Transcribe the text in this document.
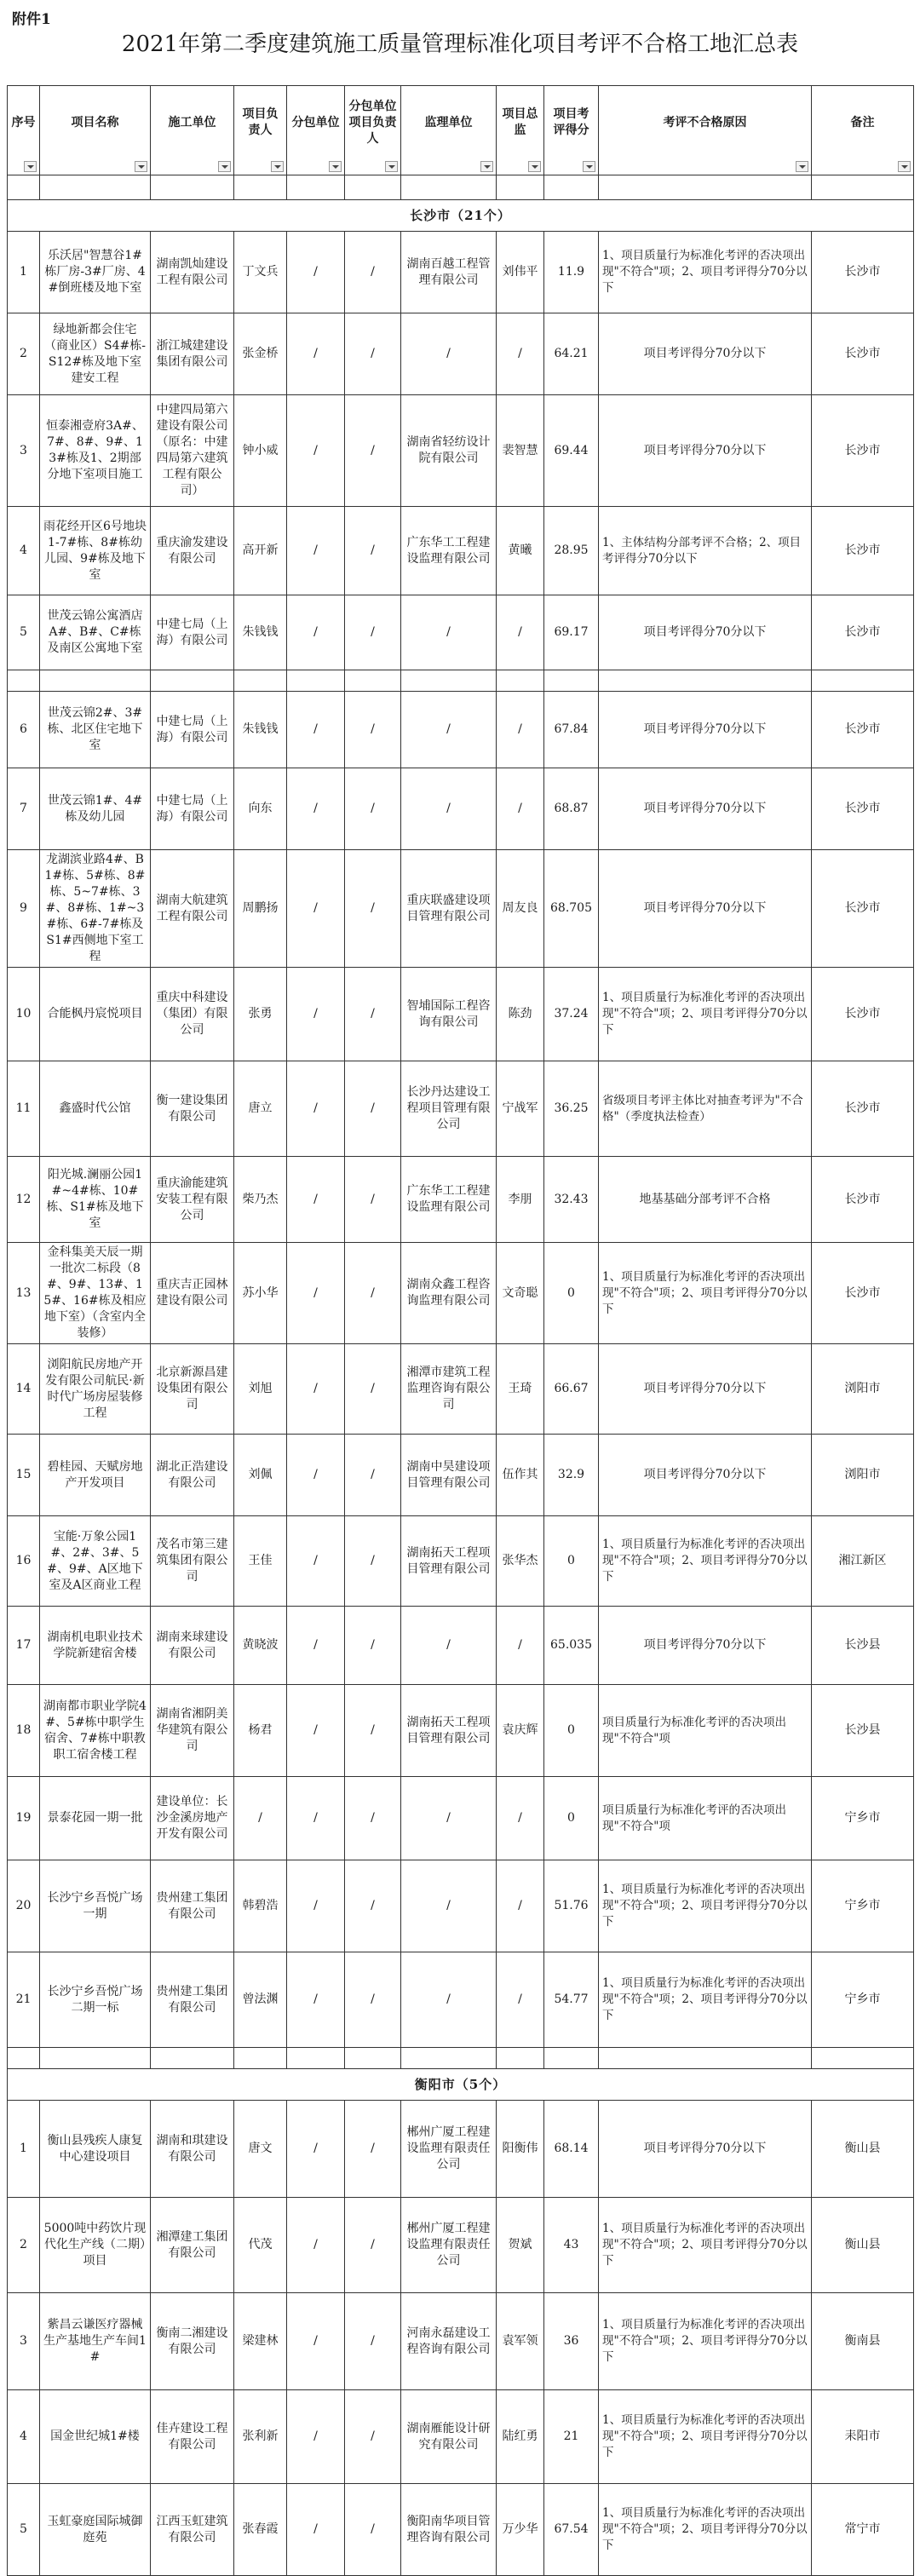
附件1
2021年第二季度建筑施工质量管理标准化项目考评不合格工地汇总表
序号	项目名称	施工单位	项目负责人	分包单位	分包单位项目负责人	监理单位	项目总监	项目考评得分	考评不合格原因	备注

长沙市（21个）										
1	乐沃居"智慧谷1#栋厂房-3#厂房、4#倒班楼及地下室	湖南凯灿建设工程有限公司	丁文兵	/	/	湖南百越工程管理有限公司	刘伟平	11.9	1、项目质量行为标准化考评的否决项出现"不符合"项；2、项目考评得分70分以下	长沙市
2	绿地新都会住宅（商业区）S4#栋-S12#栋及地下室建安工程	浙江城建建设集团有限公司	张金桥	/	/	/	/	64.21	项目考评得分70分以下	长沙市
3	恒泰湘壹府3A#、7#、8#、9#、13#栋及1、2期部分地下室项目施工	中建四局第六建设有限公司（原名：中建四局第六建筑工程有限公司）	钟小威	/	/	湖南省轻纺设计院有限公司	裴智慧	69.44	项目考评得分70分以下	长沙市
4	雨花经开区6号地块1-7#栋、8#栋幼儿园、9#栋及地下室	重庆渝发建设有限公司	高开新	/	/	广东华工工程建设监理有限公司	黄曦	28.95	1、主体结构分部考评不合格；2、项目考评得分70分以下	长沙市
5	世茂云锦公寓酒店A#、B#、C#栋及南区公寓地下室	中建七局（上海）有限公司	朱钱钱	/	/	/	/	69.17	项目考评得分70分以下	长沙市

6	世茂云锦2#、3#栋、北区住宅地下室	中建七局（上海）有限公司	朱钱钱	/	/	/	/	67.84	项目考评得分70分以下	长沙市
7	世茂云锦1#、4#栋及幼儿园	中建七局（上海）有限公司	向东	/	/	/	/	68.87	项目考评得分70分以下	长沙市
9	龙湖滨业路4#、B1#栋、5#栋、8#栋、5~7#栋、3#、8#栋、1#~3#栋、6#-7#栋及S1#西侧地下室工程	湖南大航建筑工程有限公司	周鹏扬	/	/	重庆联盛建设项目管理有限公司	周友良	68.705	项目考评得分70分以下	长沙市
10	合能枫丹宸悦项目	重庆中科建设（集团）有限公司	张勇	/	/	智埔国际工程咨询有限公司	陈劲	37.24	1、项目质量行为标准化考评的否决项出现"不符合"项；2、项目考评得分70分以下	长沙市
11	鑫盛时代公馆	衡一建设集团有限公司	唐立	/	/	长沙丹达建设工程项目管理有限公司	宁战军	36.25	省级项目考评主体比对抽查考评为"不合格"（季度执法检查）	长沙市
12	阳光城.澜丽公园1#~4#栋、10#栋、S1#栋及地下室	重庆渝能建筑安装工程有限公司	柴乃杰	/	/	广东华工工程建设监理有限公司	李朋	32.43	地基基础分部考评不合格	长沙市
13	金科集美天辰一期一批次二标段（8#、9#、13#、15#、16#栋及相应地下室）（含室内全装修）	重庆吉正园林建设有限公司	苏小华	/	/	湖南众鑫工程咨询监理有限公司	文奇聪	0	1、项目质量行为标准化考评的否决项出现"不符合"项；2、项目考评得分70分以下	长沙市
14	浏阳航民房地产开发有限公司航民·新时代广场房屋装修工程	北京新源昌建设集团有限公司	刘旭	/	/	湘潭市建筑工程监理咨询有限公司	王琦	66.67	项目考评得分70分以下	浏阳市
15	碧桂园、天赋房地产开发项目	湖北正浩建设有限公司	刘佩	/	/	湖南中昊建设项目管理有限公司	伍作其	32.9	项目考评得分70分以下	浏阳市
16	宝能·万象公园1#、2#、3#、5#、9#、A区地下室及A区商业工程	茂名市第三建筑集团有限公司	王佳	/	/	湖南拓天工程项目管理有限公司	张华杰	0	1、项目质量行为标准化考评的否决项出现"不符合"项；2、项目考评得分70分以下	湘江新区
17	湖南机电职业技术学院新建宿舍楼	湖南来球建设有限公司	黄晓波	/	/	/	/	65.035	项目考评得分70分以下	长沙县
18	湖南都市职业学院4#、5#栋中职学生宿舍、7#栋中职教职工宿舍楼工程	湖南省湘阴美华建筑有限公司	杨君	/	/	湖南拓天工程项目管理有限公司	袁庆辉	0	项目质量行为标准化考评的否决项出现"不符合"项	长沙县
19	景泰花园一期一批	建设单位：长沙金溪房地产开发有限公司	/	/	/	/	/	0	项目质量行为标准化考评的否决项出现"不符合"项	宁乡市
20	长沙宁乡吾悦广场一期	贵州建工集团有限公司	韩碧浩	/	/	/	/	51.76	1、项目质量行为标准化考评的否决项出现"不符合"项；2、项目考评得分70分以下	宁乡市
21	长沙宁乡吾悦广场二期一标	贵州建工集团有限公司	曾法渊	/	/	/	/	54.77	1、项目质量行为标准化考评的否决项出现"不符合"项；2、项目考评得分70分以下	宁乡市

衡阳市（5个）										
1	衡山县残疾人康复中心建设项目	湖南和琪建设有限公司	唐文	/	/	郴州广厦工程建设监理有限责任公司	阳衡伟	68.14	项目考评得分70分以下	衡山县
2	5000吨中药饮片现代化生产线（二期）项目	湘潭建工集团有限公司	代茂	/	/	郴州广厦工程建设监理有限责任公司	贺斌	43	1、项目质量行为标准化考评的否决项出现"不符合"项；2、项目考评得分70分以下	衡山县
3	紫昌云谦医疗器械生产基地生产车间1#	衡南二湘建设有限公司	梁建林	/	/	河南永磊建设工程咨询有限公司	袁军领	36	1、项目质量行为标准化考评的否决项出现"不符合"项；2、项目考评得分70分以下	衡南县
4	国金世纪城1#楼	佳卉建设工程有限公司	张利新	/	/	湖南雁能设计研究有限公司	陆红勇	21	1、项目质量行为标准化考评的否决项出现"不符合"项；2、项目考评得分70分以下	耒阳市
5	玉虹豪庭国际城御庭苑	江西玉虹建筑有限公司	张春霞	/	/	衡阳南华项目管理咨询有限公司	万少华	67.54	1、项目质量行为标准化考评的否决项出现"不符合"项；2、项目考评得分70分以下	常宁市
